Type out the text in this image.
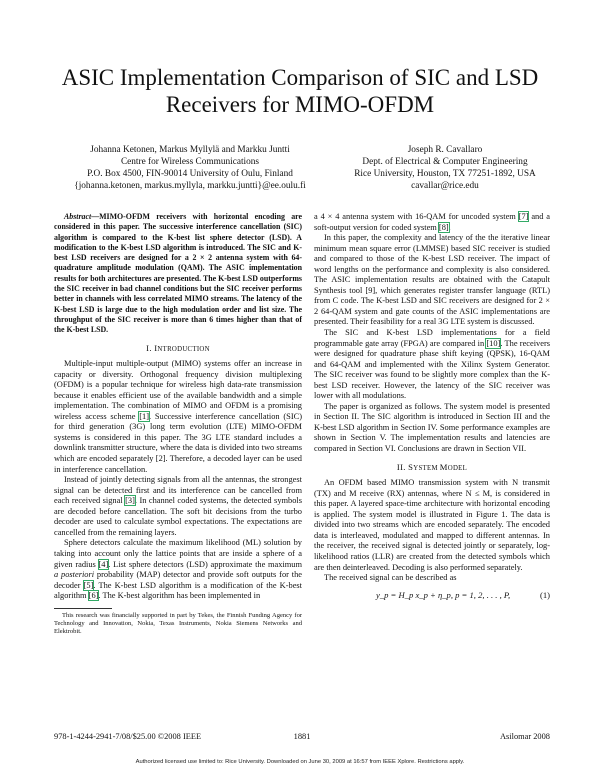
ASIC Implementation Comparison of SIC and LSD
Receivers for MIMO-OFDM
Johanna Ketonen, Markus Myllylä and Markku Juntti
Centre for Wireless Communications
P.O. Box 4500, FIN-90014 University of Oulu, Finland
{johanna.ketonen, markus.myllyla, markku.juntti}@ee.oulu.fi
Joseph R. Cavallaro
Dept. of Electrical & Computer Engineering
Rice University, Houston, TX 77251-1892, USA
cavallar@rice.edu

Abstract—MIMO-OFDM receivers with horizontal encoding are considered in this paper. The successive interference cancellation (SIC) algorithm is compared to the K-best list sphere detector (LSD). A modification to the K-best LSD algorithm is introduced. The SIC and K-best LSD receivers are designed for a 2 × 2 antenna system with 64-quadrature amplitude modulation (QAM). The ASIC implementation results for both architectures are presented. The K-best LSD outperforms the SIC receiver in bad channel conditions but the SIC receiver performs better in channels with less correlated MIMO streams. The latency of the K-best LSD is large due to the high modulation order and list size. The throughput of the SIC receiver is more than 6 times higher than that of the K-best LSD.

I. INTRODUCTION

Multiple-input multiple-output (MIMO) systems offer an increase in capacity or diversity. Orthogonal frequency division multiplexing (OFDM) is a popular technique for wireless high data-rate transmission because it enables efficient use of the available bandwidth and a simple implementation. The combination of MIMO and OFDM is a promising wireless access scheme [1]. Successive interference cancellation (SIC) for third generation (3G) long term evolution (LTE) MIMO-OFDM systems is considered in this paper. The 3G LTE standard includes a downlink transmitter structure, where the data is divided into two streams which are encoded separately [2]. Therefore, a decoded layer can be used in interference cancellation.

Instead of jointly detecting signals from all the antennas, the strongest signal can be detected first and its interference can be cancelled from each received signal [3]. In channel coded systems, the detected symbols are decoded before cancellation. The soft bit decisions from the turbo decoder are used to calculate symbol expectations. The expectations are cancelled from the remaining layers.

Sphere detectors calculate the maximum likelihood (ML) solution by taking into account only the lattice points that are inside a sphere of a given radius [4]. List sphere detectors (LSD) approximate the maximum a posteriori probability (MAP) detector and provide soft outputs for the decoder [5]. The K-best LSD algorithm is a modification of the K-best algorithm [6]. The K-best algorithm has been implemented in

This research was financially supported in part by Tekes, the Finnish Funding Agency for Technology and Innovation, Nokia, Texas Instruments, Nokia Siemens Networks and Elektrobit.

a 4 × 4 antenna system with 16-QAM for uncoded system [7] and a soft-output version for coded system [8].

In this paper, the complexity and latency of the the iterative linear minimum mean square error (LMMSE) based SIC receiver is studied and compared to those of the K-best LSD receiver. The impact of word lengths on the performance and complexity is also considered. The ASIC implementation results are obtained with the Catapult Synthesis tool [9], which generates register transfer language (RTL) from C code. The K-best LSD and SIC receivers are designed for 2 × 2 64-QAM system and gate counts of the ASIC implementations are presented. Their feasibility for a real 3G LTE system is discussed.

The SIC and K-best LSD implementations for a field programmable gate array (FPGA) are compared in [10]. The receivers were designed for quadrature phase shift keying (QPSK), 16-QAM and 64-QAM and implemented with the Xilinx System Generator. The SIC receiver was found to be slightly more complex than the K-best LSD receiver. However, the latency of the SIC receiver was lower with all modulations.

The paper is organized as follows. The system model is presented in Section II. The SIC algorithm is introduced in Section III and the K-best LSD algorithm in Section IV. Some performance examples are shown in Section V. The implementation results and latencies are compared in Section VI. Conclusions are drawn in Section VII.

II. SYSTEM MODEL

An OFDM based MIMO transmission system with N transmit (TX) and M receive (RX) antennas, where N ≤ M, is considered in this paper. A layered space-time architecture with horizontal encoding is applied. The system model is illustrated in Figure 1. The data is divided into two streams which are encoded separately. The encoded data is interleaved, modulated and mapped to different antennas. In the receiver, the received signal is detected jointly or separately, log-likelihood ratios (LLR) are created from the detected symbols which are then deinterleaved. Decoding is also performed separately.

The received signal can be described as

y_p = H_p x_p + η_p, p = 1, 2, . . . , P,	(1)
978-1-4244-2941-7/08/$25.00 ©2008 IEEE	1881	Asilomar 2008
Authorized licensed use limited to: Rice University. Downloaded on June 30, 2009 at 16:57 from IEEE Xplore. Restrictions apply.
